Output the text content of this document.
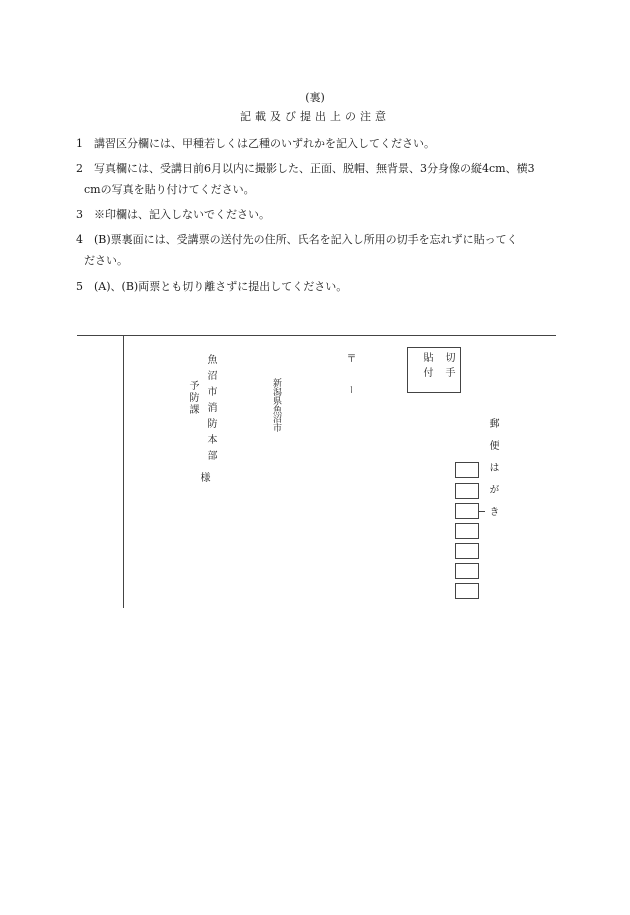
(裏)
記載及び提出上の注意
1 講習区分欄には、甲種若しくは乙種のいずれかを記入してください。
2 写真欄には、受講日前6月以内に撮影した、正面、脱帽、無背景、3分身像の縦4cm、横3
cmの写真を貼り付けてください。
3 ※印欄は、記入しないでください。
4 (B)票裏面には、受講票の送付先の住所、氏名を記入し所用の切手を忘れずに貼ってく
ださい。
5 (A)、(B)両票とも切り離さずに提出してください。
切手
貼付
郵便はがき
〒
ー
新潟県魚沼市
魚沼市消防本部
予防課
様
